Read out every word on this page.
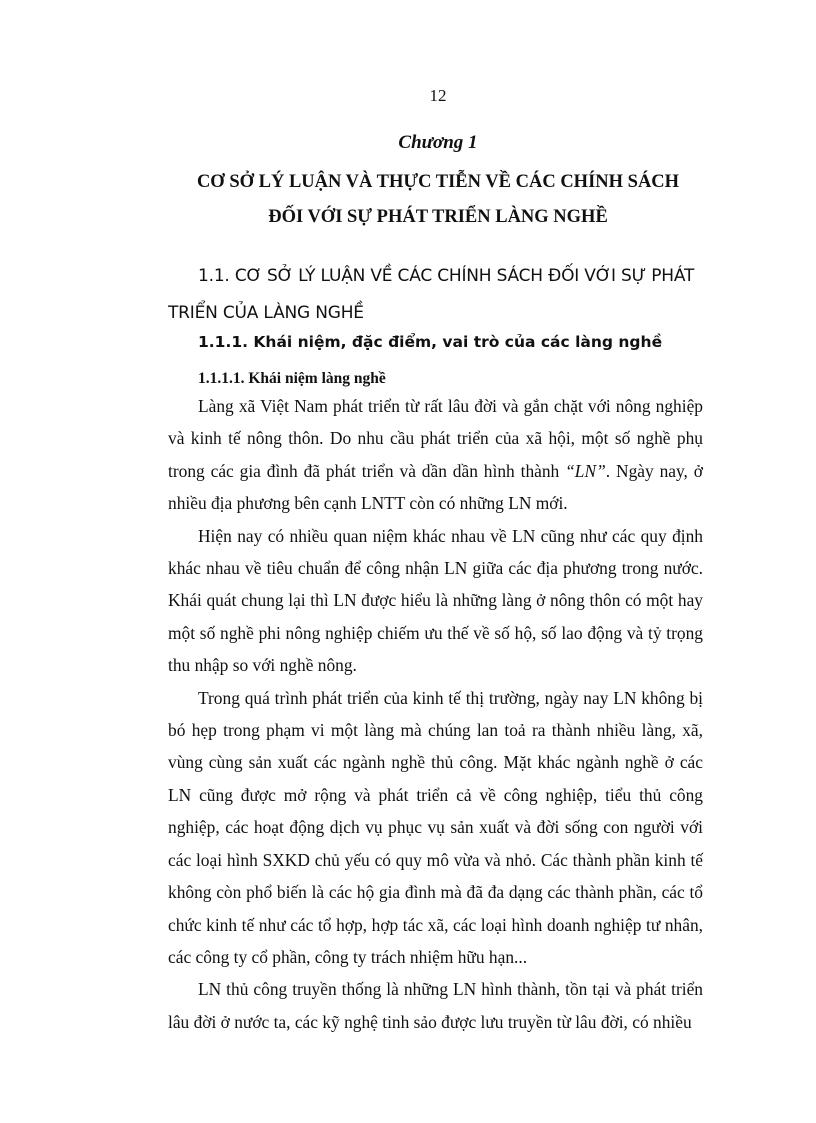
12
Chương 1
CƠ SỞ LÝ LUẬN VÀ THỰC TIỄN VỀ CÁC CHÍNH SÁCH
ĐỐI VỚI SỰ PHÁT TRIỂN LÀNG NGHỀ
1.1. CƠ SỞ LÝ LUẬN VỀ CÁC CHÍNH SÁCH ĐỐI VỚI SỰ PHÁT
TRIỂN CỦA LÀNG NGHỀ
1.1.1. Khái niệm, đặc điểm, vai trò của các làng nghề
1.1.1.1. Khái niệm làng nghề

Làng xã Việt Nam phát triển từ rất lâu đời và gắn chặt với nông nghiệp và kinh tế nông thôn. Do nhu cầu phát triển của xã hội, một số nghề phụ trong các gia đình đã phát triển và dần dần hình thành “LN”. Ngày nay, ở nhiều địa phương bên cạnh LNTT còn có những LN mới.

Hiện nay có nhiều quan niệm khác nhau về LN cũng như các quy định khác nhau về tiêu chuẩn để công nhận LN giữa các địa phương trong nước. Khái quát chung lại thì LN được hiểu là những làng ở nông thôn có một hay một số nghề phi nông nghiệp chiếm ưu thế về số hộ, số lao động và tỷ trọng thu nhập so với nghề nông.

Trong quá trình phát triển của kinh tế thị trường, ngày nay LN không bị bó hẹp trong phạm vi một làng mà chúng lan toả ra thành nhiều làng, xã, vùng cùng sản xuất các ngành nghề thủ công. Mặt khác ngành nghề ở các LN cũng được mở rộng và phát triển cả về công nghiệp, tiểu thủ công nghiệp, các hoạt động dịch vụ phục vụ sản xuất và đời sống con người với các loại hình SXKD chủ yếu có quy mô vừa và nhỏ. Các thành phần kinh tế không còn phổ biến là các hộ gia đình mà đã đa dạng các thành phần, các tổ chức kinh tế như các tổ hợp, hợp tác xã, các loại hình doanh nghiệp tư nhân, các công ty cổ phần, công ty trách nhiệm hữu hạn...

LN thủ công truyền thống là những LN hình thành, tồn tại và phát triển lâu đời ở nước ta, các kỹ nghệ tinh sảo được lưu truyền từ lâu đời, có nhiều
